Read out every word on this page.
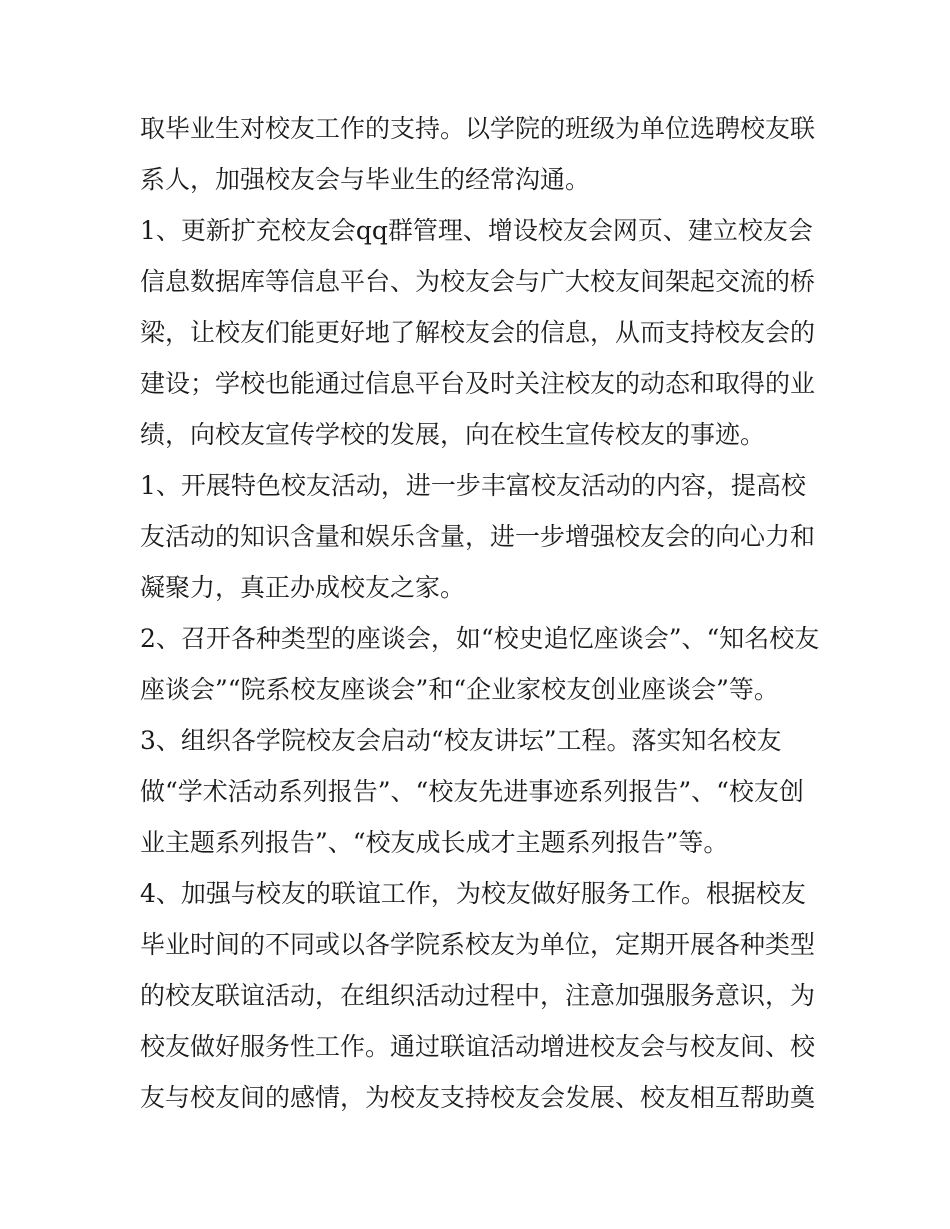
取毕业生对校友工作的支持。以学院的班级为单位选聘校友联
系人，加强校友会与毕业生的经常沟通。
1、更新扩充校友会qq群管理、增设校友会网页、建立校友会
信息数据库等信息平台、为校友会与广大校友间架起交流的桥
梁，让校友们能更好地了解校友会的信息，从而支持校友会的
建设；学校也能通过信息平台及时关注校友的动态和取得的业
绩，向校友宣传学校的发展，向在校生宣传校友的事迹。
1、开展特色校友活动，进一步丰富校友活动的内容，提高校
友活动的知识含量和娱乐含量，进一步增强校友会的向心力和
凝聚力，真正办成校友之家。
2、召开各种类型的座谈会，如“校史追忆座谈会”、“知名校友
座谈会”“院系校友座谈会”和“企业家校友创业座谈会”等。
3、组织各学院校友会启动“校友讲坛”工程。落实知名校友
做“学术活动系列报告”、“校友先进事迹系列报告”、“校友创
业主题系列报告”、“校友成长成才主题系列报告”等。
4、加强与校友的联谊工作，为校友做好服务工作。根据校友
毕业时间的不同或以各学院系校友为单位，定期开展各种类型
的校友联谊活动，在组织活动过程中，注意加强服务意识，为
校友做好服务性工作。通过联谊活动增进校友会与校友间、校
友与校友间的感情，为校友支持校友会发展、校友相互帮助奠
